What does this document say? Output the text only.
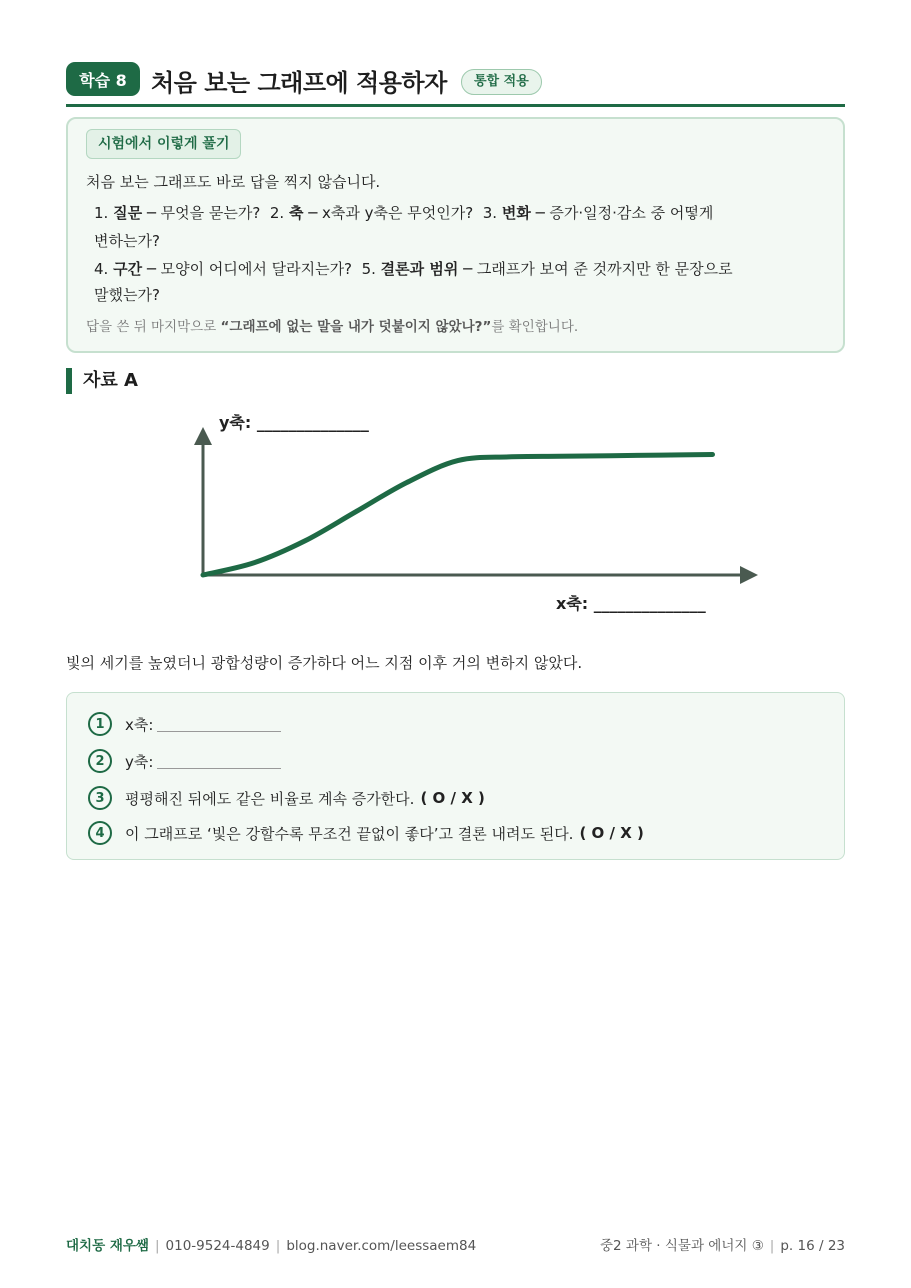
학습 8	처음 보는 그래프에 적용하자	통합 적용
시험에서 이렇게 풀기
처음 보는 그래프도 바로 답을 찍지 않습니다.
1. 질문 ─ 무엇을 묻는가? 2. 축 ─ x축과 y축은 무엇인가? 3. 변화 ─ 증가·일정·감소 중 어떻게
변하는가?
4. 구간 ─ 모양이 어디에서 달라지는가? 5. 결론과 범위 ─ 그래프가 보여 준 것까지만 한 문장으로
말했는가?
답을 쓴 뒤 마지막으로 “그래프에 없는 말을 내가 덧붙이지 않았나?”를 확인합니다.
자료 A
y축: ______________
x축: ______________
빛의 세기를 높였더니 광합성량이 증가하다 어느 지점 이후 거의 변하지 않았다.
1	x축:
2	y축:
3	평평해진 뒤에도 같은 비율로 계속 증가한다. ( O / X )
4	이 그래프로 ‘빛은 강할수록 무조건 끝없이 좋다’고 결론 내려도 된다. ( O / X )
대치동 재우쌤 | 010-9524-4849 | blog.naver.com/leessaem84	중2 과학 · 식물과 에너지 ③ | p. 16 / 23
